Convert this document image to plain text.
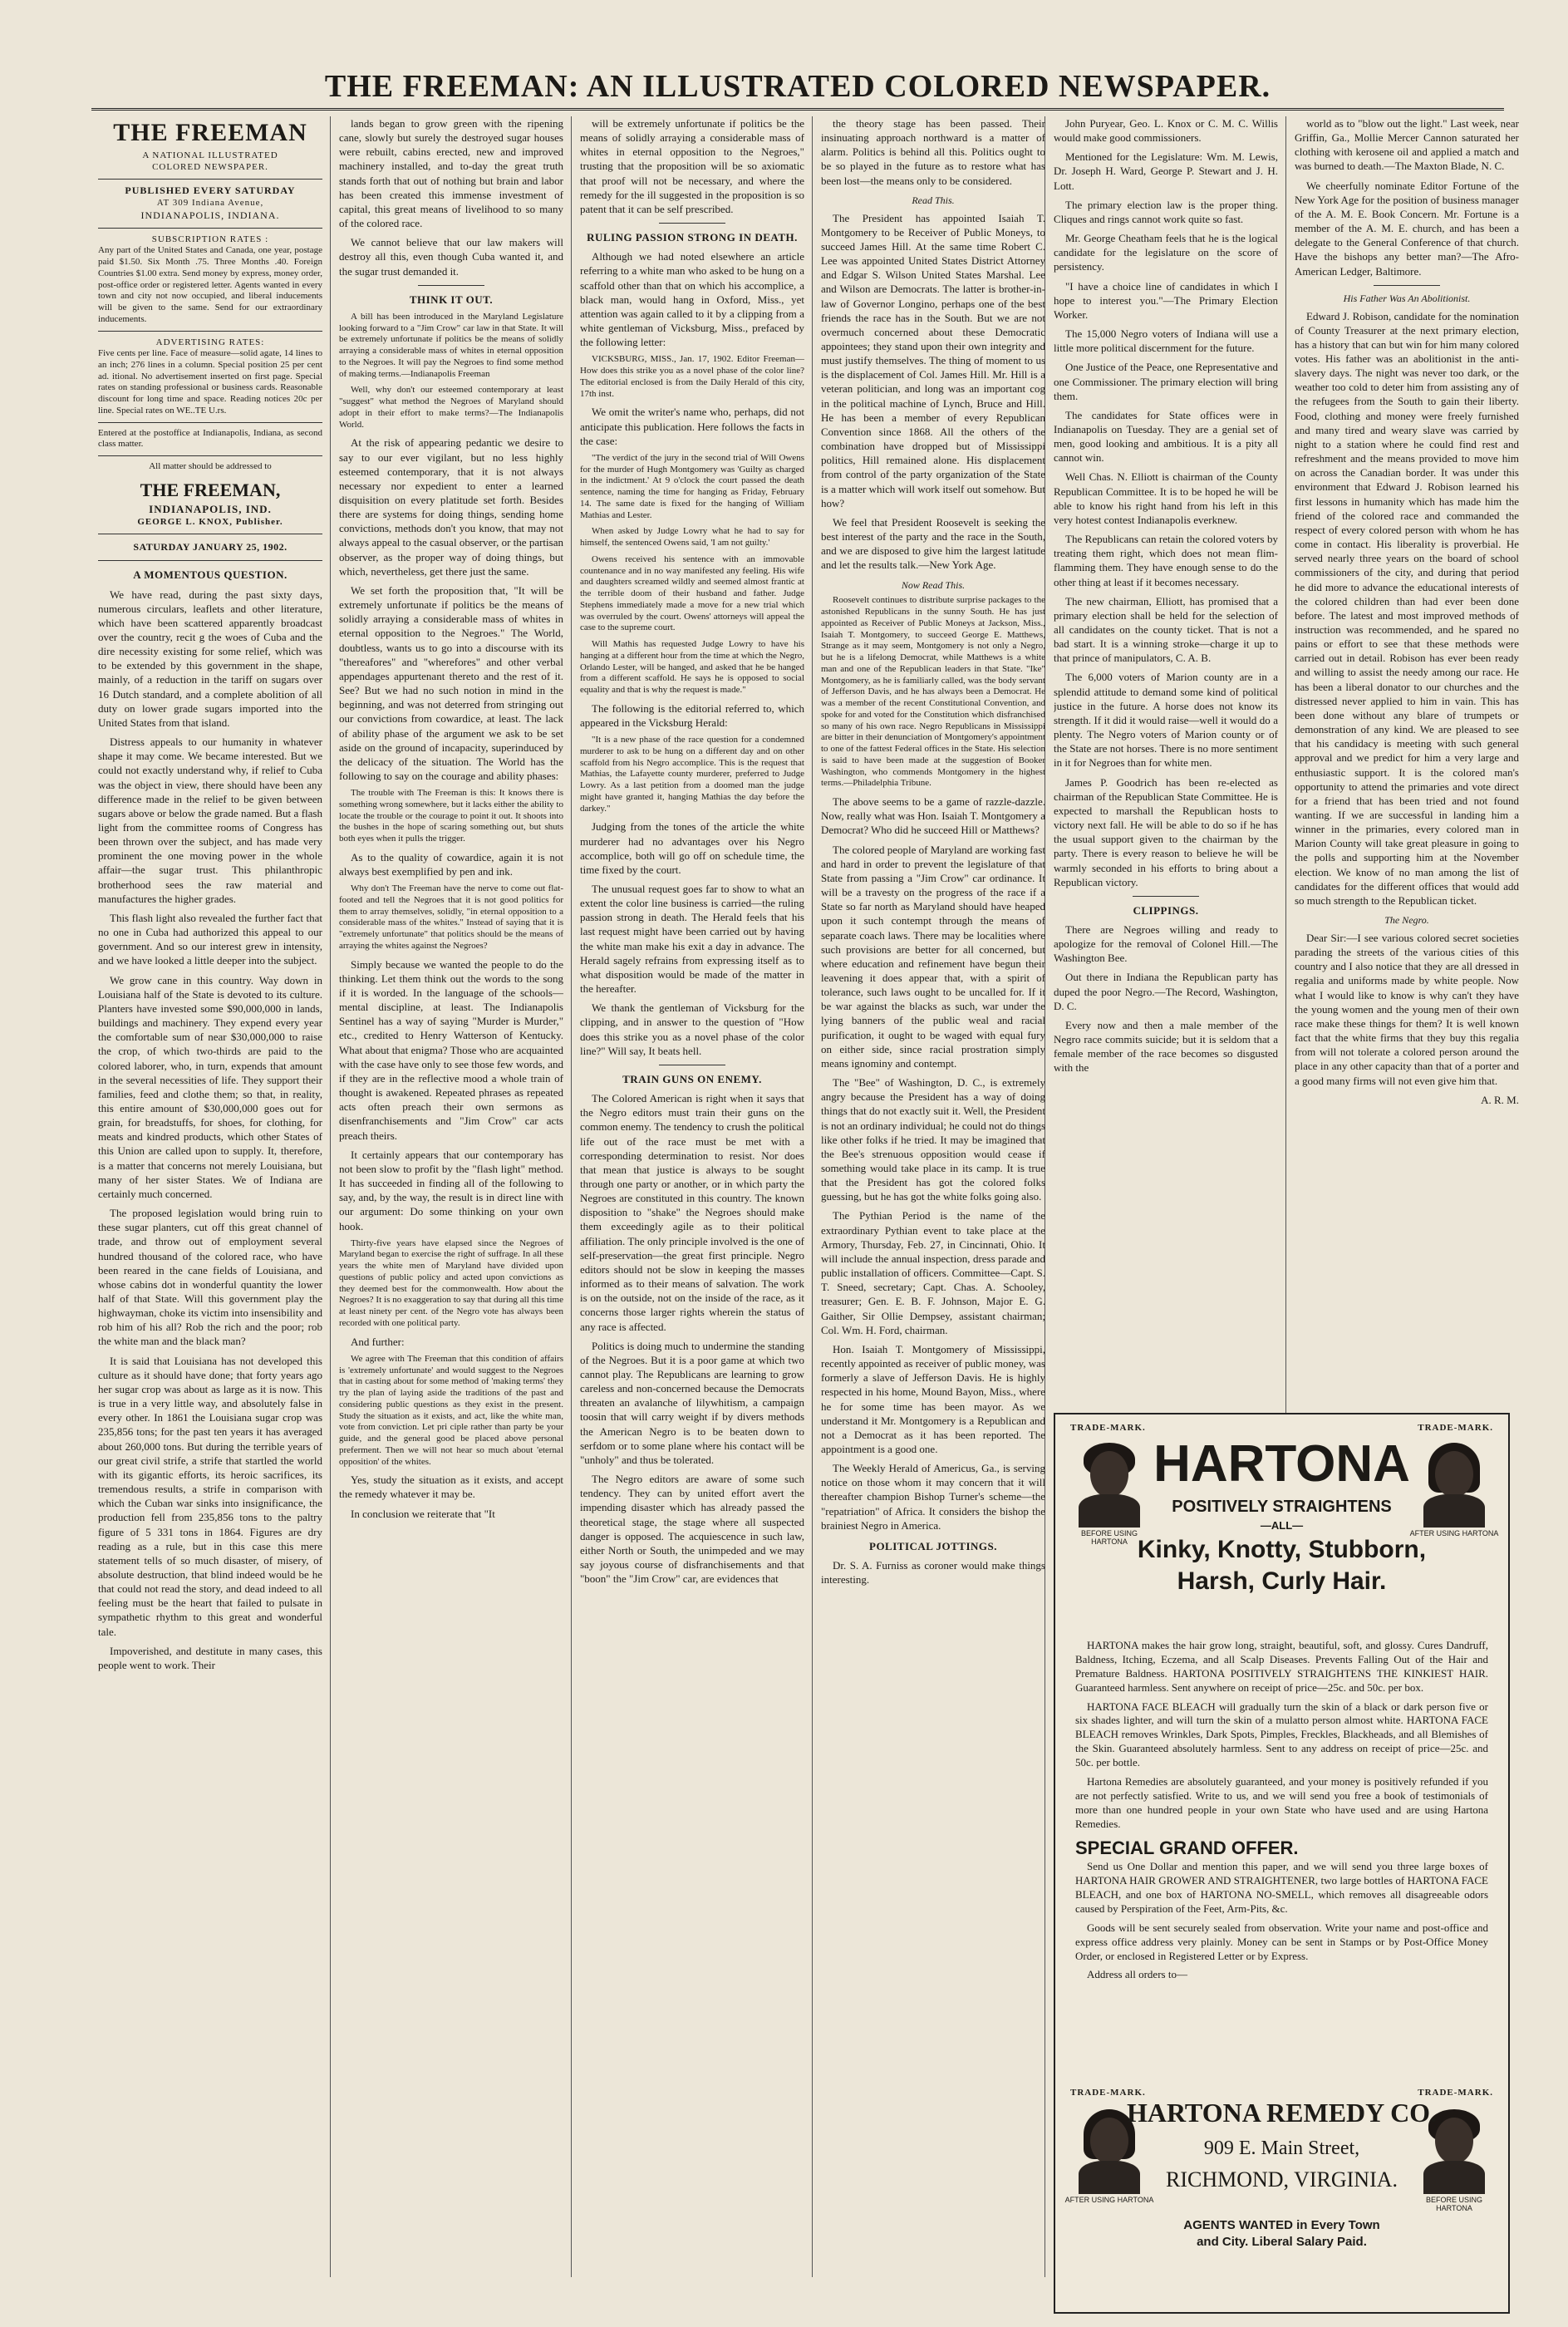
THE FREEMAN: AN ILLUSTRATED COLORED NEWSPAPER.
THE FREEMAN
A NATIONAL ILLUSTRATED
COLORED NEWSPAPER.
PUBLISHED EVERY SATURDAY
AT 309 Indiana Avenue,
INDIANAPOLIS, INDIANA.
SUBSCRIPTION RATES :
Any part of the United States and Canada, one year, postage paid $1.50. Six Month .75. Three Months .40. Foreign Countries $1.00 extra. Send money by express, money order, post-office order or registered letter. Agents wanted in every town and city not now occupied, and liberal inducements will be given to the same. Send for our extraordinary inducements.
ADVERTISING RATES:
Five cents per line. Face of measure—solid agate, 14 lines to an inch; 276 lines in a column. Special position 25 per cent ad. itional. No advertisement inserted on first page. Special rates on standing professional or business cards. Reasonable discount for long time and space. Reading notices 20c per line. Special rates on WE..TE U.rs.
Entered at the postoffice at Indianapolis, Indiana, as second class matter.
All matter should be addressed to
THE FREEMAN,
INDIANAPOLIS, IND.
GEORGE L. KNOX, Publisher.
SATURDAY JANUARY 25, 1902.
A MOMENTOUS QUESTION.

We have read, during the past sixty days, numerous circulars, leaflets and other literature, which have been scattered apparently broadcast over the country, recit g the woes of Cuba and the dire necessity existing for some relief, which was to be extended by this government in the shape, mainly, of a reduction in the tariff on sugars over 16 Dutch standard, and a complete abolition of all duty on lower grade sugars imported into the United States from that island.

Distress appeals to our humanity in whatever shape it may come. We became interested. But we could not exactly understand why, if relief to Cuba was the object in view, there should have been any difference made in the relief to be given between sugars above or below the grade named. But a flash light from the committee rooms of Congress has been thrown over the subject, and has made very prominent the one moving power in the whole affair—the sugar trust. This philanthropic brotherhood sees the raw material and manufactures the higher grades.

This flash light also revealed the further fact that no one in Cuba had authorized this appeal to our government. And so our interest grew in intensity, and we have looked a little deeper into the subject.

We grow cane in this country. Way down in Louisiana half of the State is devoted to its culture. Planters have invested some $90,000,000 in lands, buildings and machinery. They expend every year the comfortable sum of near $30,000,000 to raise the crop, of which two-thirds are paid to the colored laborer, who, in turn, expends that amount in the several necessities of life. They support their families, feed and clothe them; so that, in reality, this entire amount of $30,000,000 goes out for grain, for breadstuffs, for shoes, for clothing, for meats and kindred products, which other States of this Union are called upon to supply. It, therefore, is a matter that concerns not merely Louisiana, but many of her sister States. We of Indiana are certainly much concerned.

The proposed legislation would bring ruin to these sugar planters, cut off this great channel of trade, and throw out of employment several hundred thousand of the colored race, who have been reared in the cane fields of Louisiana, and whose cabins dot in wonderful quantity the lower half of that State. Will this government play the highwayman, choke its victim into insensibility and rob him of his all? Rob the rich and the poor; rob the white man and the black man?

It is said that Louisiana has not developed this culture as it should have done; that forty years ago her sugar crop was about as large as it is now. This is true in a very little way, and absolutely false in every other. In 1861 the Louisiana sugar crop was 235,856 tons; for the past ten years it has averaged about 260,000 tons. But during the terrible years of our great civil strife, a strife that startled the world with its gigantic efforts, its heroic sacrifices, its tremendous results, a strife in comparison with which the Cuban war sinks into insignificance, the production fell from 235,856 tons to the paltry figure of 5 331 tons in 1864. Figures are dry reading as a rule, but in this case this mere statement tells of so much disaster, of misery, of absolute destruction, that blind indeed would be he that could not read the story, and dead indeed to all feeling must be the heart that failed to pulsate in sympathetic rhythm to this great and wonderful tale.

Impoverished, and destitute in many cases, this people went to work. Their

lands began to grow green with the ripening cane, slowly but surely the destroyed sugar houses were rebuilt, cabins erected, new and improved machinery installed, and to-day the great truth stands forth that out of nothing but brain and labor has been created this immense investment of capital, this great means of livelihood to so many of the colored race.

We cannot believe that our law makers will destroy all this, even though Cuba wanted it, and the sugar trust demanded it.

THINK IT OUT.

A bill has been introduced in the Maryland Legislature looking forward to a "Jim Crow" car law in that State. It will be extremely unfortunate if politics be the means of solidly arraying a considerable mass of whites in eternal opposition to the Negroes. It will pay the Negroes to find some method of making terms.—Indianapolis Freeman

Well, why don't our esteemed contemporary at least "suggest" what method the Negroes of Maryland should adopt in their effort to make terms?—The Indianapolis World.

At the risk of appearing pedantic we desire to say to our ever vigilant, but no less highly esteemed contemporary, that it is not always necessary nor expedient to enter a learned disquisition on every platitude set forth. Besides there are systems for doing things, sending home convictions, methods don't you know, that may not always appeal to the casual observer, or the partisan observer, as the proper way of doing things, but which, nevertheless, get there just the same.

We set forth the proposition that, "It will be extremely unfortunate if politics be the means of solidly arraying a considerable mass of whites in eternal opposition to the Negroes." The World, doubtless, wants us to go into a discourse with its "thereafores" and "wherefores" and other verbal appendages appurtenant thereto and the rest of it. See? But we had no such notion in mind in the beginning, and was not deterred from stringing out our convictions from cowardice, at least. The lack of ability phase of the argument we ask to be set aside on the ground of incapacity, superinduced by the delicacy of the situation. The World has the following to say on the courage and ability phases:

The trouble with The Freeman is this: It knows there is something wrong somewhere, but it lacks either the ability to locate the trouble or the courage to point it out. It shoots into the bushes in the hope of scaring something out, but shuts both eyes when it pulls the trigger.

As to the quality of cowardice, again it is not always best exemplified by pen and ink.

Why don't The Freeman have the nerve to come out flat-footed and tell the Negroes that it is not good politics for them to array themselves, solidly, "in eternal opposition to a considerable mass of the whites." Instead of saying that it is "extremely unfortunate" that politics should be the means of arraying the whites against the Negroes?

Simply because we wanted the people to do the thinking. Let them think out the words to the song if it is worded. In the language of the schools—mental discipline, at least. The Indianapolis Sentinel has a way of saying "Murder is Murder," etc., credited to Henry Watterson of Kentucky. What about that enigma? Those who are acquainted with the case have only to see those few words, and if they are in the reflective mood a whole train of thought is awakened. Repeated phrases as repeated acts often preach their own sermons as disenfranchisements and "Jim Crow" car acts preach theirs.

It certainly appears that our contemporary has not been slow to profit by the "flash light" method. It has succeeded in finding all of the following to say, and, by the way, the result is in direct line with our argument: Do some thinking on your own hook.

Thirty-five years have elapsed since the Negroes of Maryland began to exercise the right of suffrage. In all these years the white men of Maryland have divided upon questions of public policy and acted upon convictions as they deemed best for the commonwealth. How about the Negroes? It is no exaggeration to say that during all this time at least ninety per cent. of the Negro vote has always been recorded with one political party.

And further:

We agree with The Freeman that this condition of affairs is 'extremely unfortunate' and would suggest to the Negroes that in casting about for some method of 'making terms' they try the plan of laying aside the traditions of the past and considering public questions as they exist in the present. Study the situation as it exists, and act, like the white man, vote from conviction. Let pri ciple rather than party be your guide, and the general good be placed above personal preferment. Then we will not hear so much about 'eternal opposition' of the whites.

Yes, study the situation as it exists, and accept the remedy whatever it may be.

In conclusion we reiterate that "It

will be extremely unfortunate if politics be the means of solidly arraying a considerable mass of whites in eternal opposition to the Negroes," trusting that the proposition will be so axiomatic that proof will not be necessary, and where the remedy for the ill suggested in the proposition is so patent that it can be self prescribed.

RULING PASSION STRONG IN DEATH.

Although we had noted elsewhere an article referring to a white man who asked to be hung on a scaffold other than that on which his accomplice, a black man, would hang in Oxford, Miss., yet attention was again called to it by a clipping from a white gentleman of Vicksburg, Miss., prefaced by the following letter:

VICKSBURG, MISS., Jan. 17, 1902. Editor Freeman—How does this strike you as a novel phase of the color line? The editorial enclosed is from the Daily Herald of this city, 17th inst.

We omit the writer's name who, perhaps, did not anticipate this publication. Here follows the facts in the case:

"The verdict of the jury in the second trial of Will Owens for the murder of Hugh Montgomery was 'Guilty as charged in the indictment.' At 9 o'clock the court passed the death sentence, naming the time for hanging as Friday, February 14. The same date is fixed for the hanging of William Mathias and Lester.

When asked by Judge Lowry what he had to say for himself, the sentenced Owens said, 'I am not guilty.'

Owens received his sentence with an immovable countenance and in no way manifested any feeling. His wife and daughters screamed wildly and seemed almost frantic at the terrible doom of their husband and father. Judge Stephens immediately made a move for a new trial which was overruled by the court. Owens' attorneys will appeal the case to the supreme court.

Will Mathis has requested Judge Lowry to have his hanging at a different hour from the time at which the Negro, Orlando Lester, will be hanged, and asked that he be hanged from a different scaffold. He says he is opposed to social equality and that is why the request is made."

The following is the editorial referred to, which appeared in the Vicksburg Herald:

"It is a new phase of the race question for a condemned murderer to ask to be hung on a different day and on other scaffold from his Negro accomplice. This is the request that Mathias, the Lafayette county murderer, preferred to Judge Lowry. As a last petition from a doomed man the judge might have granted it, hanging Mathias the day before the darkey."

Judging from the tones of the article the white murderer had no advantages over his Negro accomplice, both will go off on schedule time, the time fixed by the court.

The unusual request goes far to show to what an extent the color line business is carried—the ruling passion strong in death. The Herald feels that his last request might have been carried out by having the white man make his exit a day in advance. The Herald sagely refrains from expressing itself as to what disposition would be made of the matter in the hereafter.

We thank the gentleman of Vicksburg for the clipping, and in answer to the question of "How does this strike you as a novel phase of the color line?" Will say, It beats hell.

TRAIN GUNS ON ENEMY.

The Colored American is right when it says that the Negro editors must train their guns on the common enemy. The tendency to crush the political life out of the race must be met with a corresponding determination to resist. Nor does that mean that justice is always to be sought through one party or another, or in which party the Negroes are constituted in this country. The known disposition to "shake" the Negroes should make them exceedingly agile as to their political affiliation. The only principle involved is the one of self-preservation—the great first principle. Negro editors should not be slow in keeping the masses informed as to their means of salvation. The work is on the outside, not on the inside of the race, as it concerns those larger rights wherein the status of any race is affected.

Politics is doing much to undermine the standing of the Negroes. But it is a poor game at which two cannot play. The Republicans are learning to grow careless and non-concerned because the Democrats threaten an avalanche of lilywhitism, a campaign toosin that will carry weight if by divers methods the American Negro is to be beaten down to serfdom or to some plane where his contact will be "unholy" and thus be tolerated.

The Negro editors are aware of some such tendency. They can by united effort avert the impending disaster which has already passed the theoretical stage, the stage where all suspected danger is opposed. The acquiescence in such law, either North or South, the unimpeded and we may say joyous course of disfranchisements and that "boon" the "Jim Crow" car, are evidences that

the theory stage has been passed. Their insinuating approach northward is a matter of alarm. Politics is behind all this. Politics ought to be so played in the future as to restore what has been lost—the means only to be considered.

Read This.

The President has appointed Isaiah T. Montgomery to be Receiver of Public Moneys, to succeed James Hill. At the same time Robert C. Lee was appointed United States District Attorney and Edgar S. Wilson United States Marshal. Lee and Wilson are Democrats. The latter is brother-in-law of Governor Longino, perhaps one of the best friends the race has in the South. But we are not overmuch concerned about these Democratic appointees; they stand upon their own integrity and must justify themselves. The thing of moment to us is the displacement of Col. James Hill. Mr. Hill is a veteran politician, and long was an important cog in the political machine of Lynch, Bruce and Hill. He has been a member of every Republican Convention since 1868. All the others of the combination have dropped but of Mississippi politics, Hill remained alone. His displacement from control of the party organization of the State is a matter which will work itself out somehow. But how?

We feel that President Roosevelt is seeking the best interest of the party and the race in the South, and we are disposed to give him the largest latitude and let the results talk.—New York Age.

Now Read This.

Roosevelt continues to distribute surprise packages to the astonished Republicans in the sunny South. He has just appointed as Receiver of Public Moneys at Jackson, Miss., Isaiah T. Montgomery, to succeed George E. Matthews, Strange as it may seem, Montgomery is not only a Negro, but he is a lifelong Democrat, while Matthews is a white man and one of the Republican leaders in that State. "Ike" Montgomery, as he is familiarly called, was the body servant of Jefferson Davis, and he has always been a Democrat. He was a member of the recent Constitutional Convention, and spoke for and voted for the Constitution which disfranchised so many of his own race. Negro Republicans in Mississippi are bitter in their denunciation of Montgomery's appointment to one of the fattest Federal offices in the State. His selection is said to have been made at the suggestion of Booker Washington, who commends Montgomery in the highest terms.—Philadelphia Tribune.

The above seems to be a game of razzle-dazzle. Now, really what was Hon. Isaiah T. Montgomery a Democrat? Who did he succeed Hill or Matthews?

The colored people of Maryland are working fast and hard in order to prevent the legislature of that State from passing a "Jim Crow" car ordinance. It will be a travesty on the progress of the race if a State so far north as Maryland should have heaped upon it such contempt through the means of separate coach laws. There may be localities where such provisions are better for all concerned, but where education and refinement have begun their leavening it does appear that, with a spirit of tolerance, such laws ought to be uncalled for. If it be war against the blacks as such, war under the lying banners of the public weal and racial purification, it ought to be waged with equal fury on either side, since racial prostration simply means ignominy and contempt.

The "Bee" of Washington, D. C., is extremely angry because the President has a way of doing things that do not exactly suit it. Well, the President is not an ordinary individual; he could not do things like other folks if he tried. It may be imagined that the Bee's strenuous opposition would cease if something would take place in its camp. It is true that the President has got the colored folks guessing, but he has got the white folks going also.

The Pythian Period is the name of the extraordinary Pythian event to take place at the Armory, Thursday, Feb. 27, in Cincinnati, Ohio. It will include the annual inspection, dress parade and public installation of officers. Committee—Capt. S. T. Sneed, secretary; Capt. Chas. A. Schooley, treasurer; Gen. E. B. F. Johnson, Major E. G. Gaither, Sir Ollie Dempsey, assistant chairman; Col. Wm. H. Ford, chairman.

Hon. Isaiah T. Montgomery of Mississippi, recently appointed as receiver of public money, was formerly a slave of Jefferson Davis. He is highly respected in his home, Mound Bayon, Miss., where he for some time has been mayor. As we understand it Mr. Montgomery is a Republican and not a Democrat as it has been reported. The appointment is a good one.

The Weekly Herald of Americus, Ga., is serving notice on those whom it may concern that it will thereafter champion Bishop Turner's scheme—the "repatriation" of Africa. It considers the bishop the brainiest Negro in America.

POLITICAL JOTTINGS.

Dr. S. A. Furniss as coroner would make things interesting.

John Puryear, Geo. L. Knox or C. M. C. Willis would make good commissioners.

Mentioned for the Legislature: Wm. M. Lewis, Dr. Joseph H. Ward, George P. Stewart and J. H. Lott.

The primary election law is the proper thing. Cliques and rings cannot work quite so fast.

Mr. George Cheatham feels that he is the logical candidate for the legislature on the score of persistency.

"I have a choice line of candidates in which I hope to interest you."—The Primary Election Worker.

The 15,000 Negro voters of Indiana will use a little more political discernment for the future.

One Justice of the Peace, one Representative and one Commissioner. The primary election will bring them.

The candidates for State offices were in Indianapolis on Tuesday. They are a genial set of men, good looking and ambitious. It is a pity all cannot win.

Well Chas. N. Elliott is chairman of the County Republican Committee. It is to be hoped he will be able to know his right hand from his left in this very hotest contest Indianapolis everknew.

The Republicans can retain the colored voters by treating them right, which does not mean flim-flamming them. They have enough sense to do the other thing at least if it becomes necessary.

The new chairman, Elliott, has promised that a primary election shall be held for the selection of all candidates on the county ticket. That is not a bad start. It is a winning stroke—charge it up to that prince of manipulators, C. A. B.

The 6,000 voters of Marion county are in a splendid attitude to demand some kind of political justice in the future. A horse does not know its strength. If it did it would raise—well it would do a plenty. The Negro voters of Marion county or of the State are not horses. There is no more sentiment in it for Negroes than for white men.

James P. Goodrich has been re-elected as chairman of the Republican State Committee. He is expected to marshall the Republican hosts to victory next fall. He will be able to do so if he has the usual support given to the chairman by the party. There is every reason to believe he will be warmly seconded in his efforts to bring about a Republican victory.

CLIPPINGS.

There are Negroes willing and ready to apologize for the removal of Colonel Hill.—The Washington Bee.

Out there in Indiana the Republican party has duped the poor Negro.—The Record, Washington, D. C.

Every now and then a male member of the Negro race commits suicide; but it is seldom that a female member of the race becomes so disgusted with the

world as to "blow out the light." Last week, near Griffin, Ga., Mollie Mercer Cannon saturated her clothing with kerosene oil and applied a match and was burned to death.—The Maxton Blade, N. C.

We cheerfully nominate Editor Fortune of the New York Age for the position of business manager of the A. M. E. Book Concern. Mr. Fortune is a member of the A. M. E. church, and has been a delegate to the General Conference of that church. Have the bishops any better man?—The Afro-American Ledger, Baltimore.

His Father Was An Abolitionist.

Edward J. Robison, candidate for the nomination of County Treasurer at the next primary election, has a history that can but win for him many colored votes. His father was an abolitionist in the anti-slavery days. The night was never too dark, or the weather too cold to deter him from assisting any of the refugees from the South to gain their liberty. Food, clothing and money were freely furnished and many tired and weary slave was carried by night to a station where he could find rest and refreshment and the means provided to move him on across the Canadian border. It was under this environment that Edward J. Robison learned his first lessons in humanity which has made him the friend of the colored race and commanded the respect of every colored person with whom he has come in contact. His liberality is proverbial. He served nearly three years on the board of school commissioners of the city, and during that period he did more to advance the educational interests of the colored children than had ever been done before. The latest and most improved methods of instruction was recommended, and he spared no pains or effort to see that these methods were carried out in detail. Robison has ever been ready and willing to assist the needy among our race. He has been a liberal donator to our churches and the distressed never applied to him in vain. This has been done without any blare of trumpets or demonstration of any kind. We are pleased to see that his candidacy is meeting with such general approval and we predict for him a very large and enthusiastic support. It is the colored man's opportunity to attend the primaries and vote direct for a friend that has been tried and not found wanting. If we are successful in landing him a winner in the primaries, every colored man in Marion County will take great pleasure in going to the polls and supporting him at the November election. We know of no man among the list of candidates for the different offices that would add so much strength to the Republican ticket.

The Negro.

Dear Sir:—I see various colored secret societies parading the streets of the various cities of this country and I also notice that they are all dressed in regalia and uniforms made by white people. Now what I would like to know is why can't they have the young women and the young men of their own race make these things for them? It is well known fact that the white firms that they buy this regalia from will not tolerate a colored person around the place in any other capacity than that of a porter and a good many firms will not even give him that.

A. R. M.
TRADE-MARK.	TRADE-MARK.
BEFORE USING HARTONA
AFTER USING HARTONA
HARTONA
POSITIVELY STRAIGHTENS
—ALL—
Kinky, Knotty, Stubborn,
Harsh, Curly Hair.

HARTONA makes the hair grow long, straight, beautiful, soft, and glossy. Cures Dandruff, Baldness, Itching, Eczema, and all Scalp Diseases. Prevents Falling Out of the Hair and Premature Baldness. HARTONA POSITIVELY STRAIGHTENS THE KINKIEST HAIR. Guaranteed harmless. Sent anywhere on receipt of price—25c. and 50c. per box.

HARTONA FACE BLEACH will gradually turn the skin of a black or dark person five or six shades lighter, and will turn the skin of a mulatto person almost white. HARTONA FACE BLEACH removes Wrinkles, Dark Spots, Pimples, Freckles, Blackheads, and all Blemishes of the Skin. Guaranteed absolutely harmless. Sent to any address on receipt of price—25c. and 50c. per bottle.

Hartona Remedies are absolutely guaranteed, and your money is positively refunded if you are not perfectly satisfied. Write to us, and we will send you free a book of testimonials of more than one hundred people in your own State who have used and are using Hartona Remedies.

SPECIAL GRAND OFFER.

Send us One Dollar and mention this paper, and we will send you three large boxes of HARTONA HAIR GROWER AND STRAIGHTENER, two large bottles of HARTONA FACE BLEACH, and one box of HARTONA NO-SMELL, which removes all disagreeable odors caused by Perspiration of the Feet, Arm-Pits, &c.

Goods will be sent securely sealed from observation. Write your name and post-office and express office address very plainly. Money can be sent in Stamps or by Post-Office Money Order, or enclosed in Registered Letter or by Express.

Address all orders to—

TRADE-MARK.	TRADE-MARK.
AFTER USING HARTONA	BEFORE USING HARTONA
HARTONA REMEDY CO.
909 E. Main Street,
RICHMOND, VIRGINIA.
AGENTS WANTED in Every Town and City. Liberal Salary Paid.
